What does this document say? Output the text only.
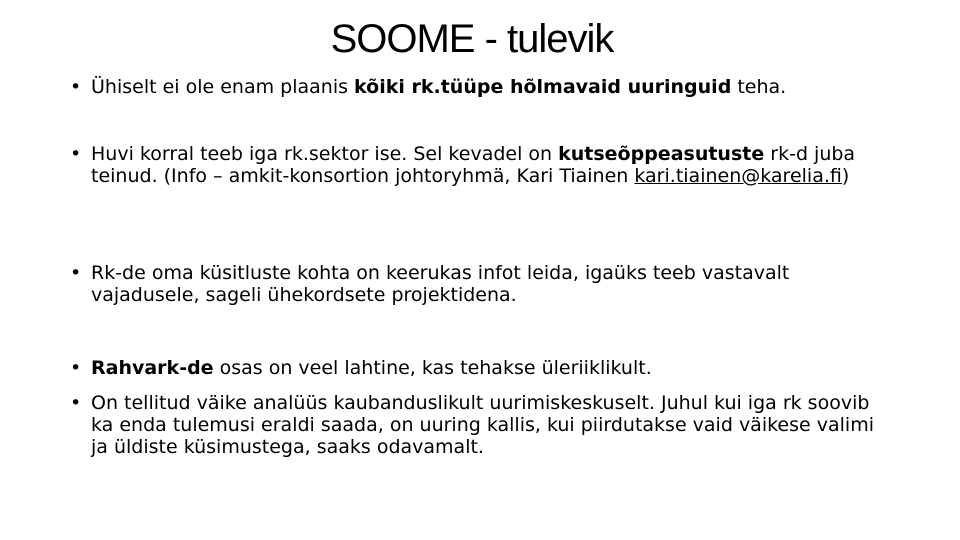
SOOME - tulevik
• Ühiselt ei ole enam plaanis kõiki rk.tüüpe hõlmavaid uuringuid teha.
• Huvi korral teeb iga rk.sektor ise. Sel kevadel on kutseõppeasutuste rk-d juba teinud. (Info – amkit-konsortion johtoryhmä, Kari Tiainen kari.tiainen@karelia.fi)
• Rk-de oma küsitluste kohta on keerukas infot leida, igaüks teeb vastavalt vajadusele, sageli ühekordsete projektidena.
• Rahvark-de osas on veel lahtine, kas tehakse üleriiklikult.
• On tellitud väike analüüs kaubanduslikult uurimiskeskuselt. Juhul kui iga rk soovib ka enda tulemusi eraldi saada, on uuring kallis, kui piirdutakse vaid väikese valimi ja üldiste küsimustega, saaks odavamalt.
